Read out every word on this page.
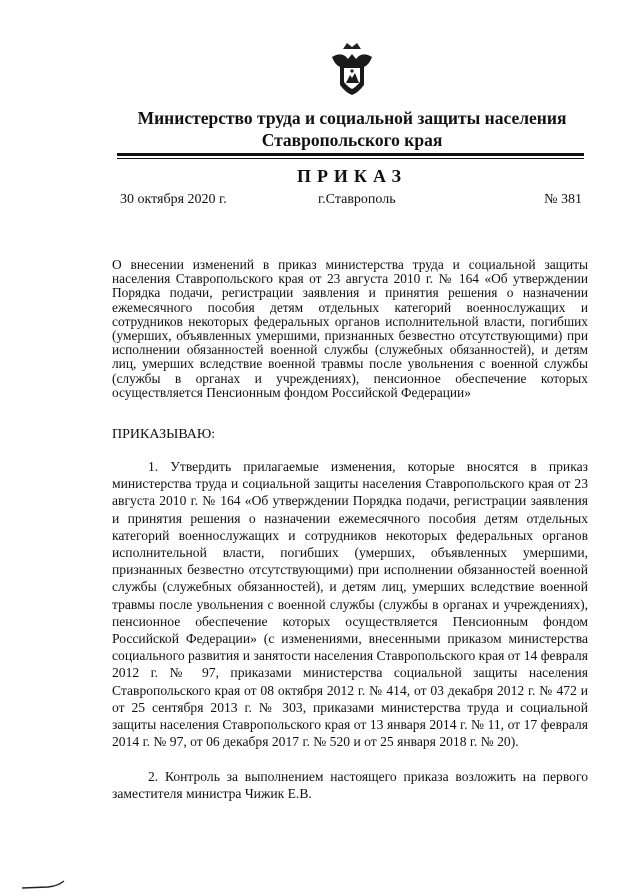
Министерство труда и социальной защиты населения
Ставропольского края
ПРИКАЗ
30 октября 2020 г.	г.Ставрополь	№ 381

О внесении изменений в приказ министерства труда и социальной защиты населения Ставропольского края от 23 августа 2010 г. № 164 «Об утверждении Порядка подачи, регистрации заявления и принятия решения о назначении ежемесячного пособия детям отдельных категорий военнослужащих и сотрудников некоторых федеральных органов исполнительной власти, погибших (умерших, объявленных умершими, признанных безвестно отсутствующими) при исполнении обязанностей военной службы (служебных обязанностей), и детям лиц, умерших вследствие военной травмы после увольнения с военной службы (службы в органах и учреждениях), пенсионное обеспечение которых осуществляется Пенсионным фондом Российской Федерации»

ПРИКАЗЫВАЮ:

1. Утвердить прилагаемые изменения, которые вносятся в приказ министерства труда и социальной защиты населения Ставропольского края от 23 августа 2010 г. № 164 «Об утверждении Порядка подачи, регистрации заявления и принятия решения о назначении ежемесячного пособия детям отдельных категорий военнослужащих и сотрудников некоторых федеральных органов исполнительной власти, погибших (умерших, объявленных умершими, признанных безвестно отсутствующими) при исполнении обязанностей военной службы (служебных обязанностей), и детям лиц, умерших вследствие военной травмы после увольнения с военной службы (службы в органах и учреждениях), пенсионное обеспечение которых осуществляется Пенсионным фондом Российской Федерации» (с изменениями, внесенными приказом министерства социального развития и занятости населения Ставропольского края от 14 февраля 2012 г. № 97, приказами министерства социальной защиты населения Ставропольского края от 08 октября 2012 г. № 414, от 03 декабря 2012 г. № 472 и от 25 сентября 2013 г. № 303, приказами министерства труда и социальной защиты населения Ставропольского края от 13 января 2014 г. № 11, от 17 февраля 2014 г. № 97, от 06 декабря 2017 г. № 520 и от 25 января 2018 г. № 20).

2. Контроль за выполнением настоящего приказа возложить на первого заместителя министра Чижик Е.В.
